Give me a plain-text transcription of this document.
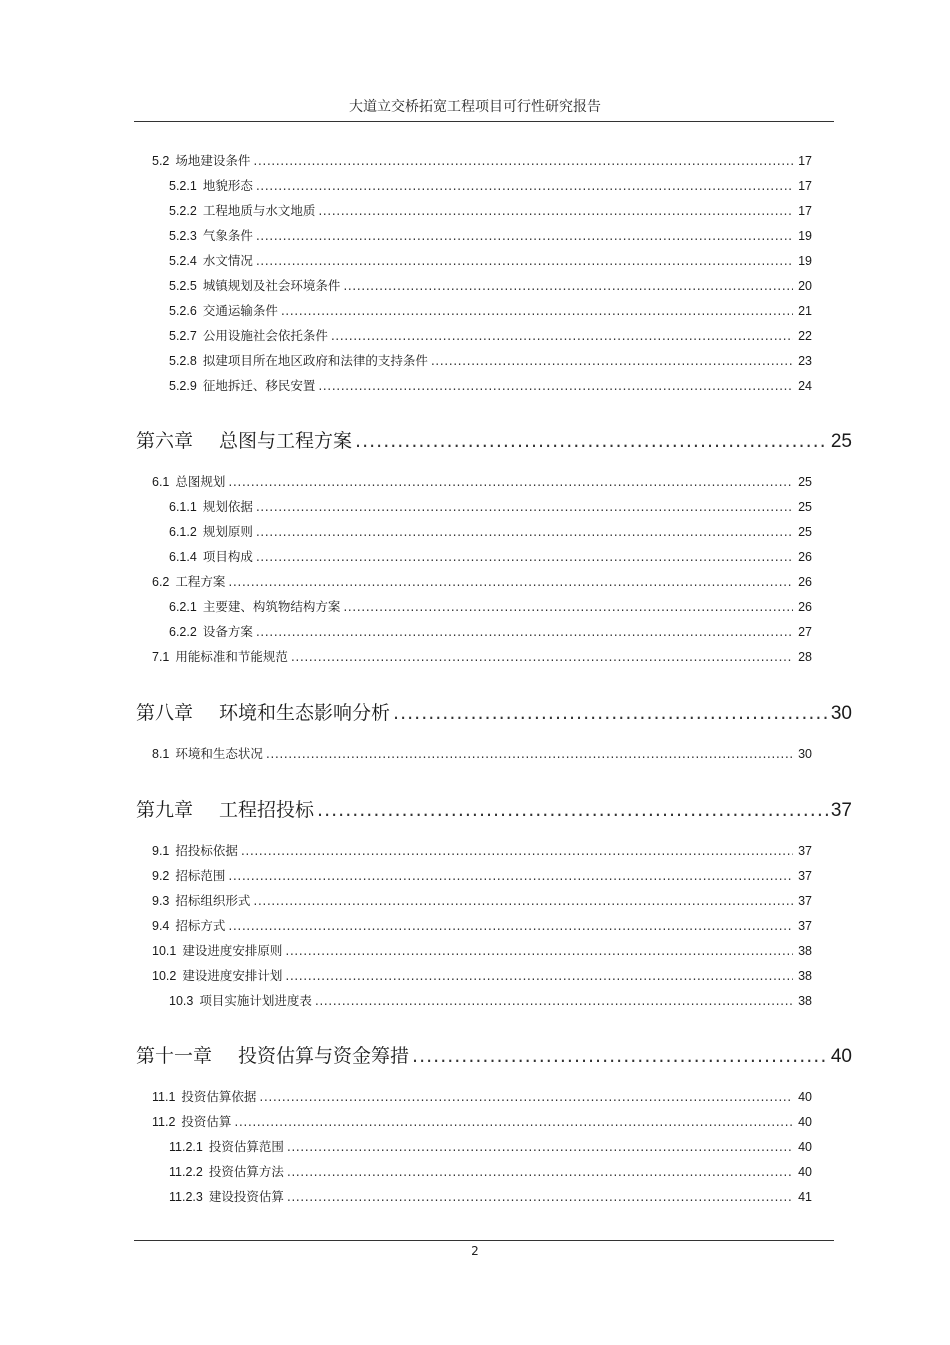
大道立交桥拓宽工程项目可行性研究报告
5.2 场地建设条件 .....	17
5.2.1 地貌形态 .....	17
5.2.2 工程地质与水文地质 .....	17
5.2.3 气象条件 .....	19
5.2.4 水文情况 .....	19
5.2.5 城镇规划及社会环境条件 .....	20
5.2.6 交通运输条件 .....	21
5.2.7 公用设施社会依托条件 .....	22
5.2.8 拟建项目所在地区政府和法律的支持条件 .....	23
5.2.9 征地拆迁、移民安置 .....	24
第六章 总图与工程方案 .....	25
6.1 总图规划 .....	25
6.1.1 规划依据 .....	25
6.1.2 规划原则 .....	25
6.1.4 项目构成 .....	26
6.2 工程方案 .....	26
6.2.1 主要建、构筑物结构方案 .....	26
6.2.2 设备方案 .....	27
7.1 用能标准和节能规范 .....	28
第八章 环境和生态影响分析 .....	30
8.1 环境和生态状况 .....	30
第九章 工程招投标 .....	37
9.1 招投标依据 .....	37
9.2 招标范围 .....	37
9.3 招标组织形式 .....	37
9.4 招标方式 .....	37
10.1 建设进度安排原则 .....	38
10.2 建设进度安排计划 .....	38
10.3 项目实施计划进度表 .....	38
第十一章 投资估算与资金筹措 .....	40
11.1 投资估算依据 .....	40
11.2 投资估算 .....	40
11.2.1 投资估算范围 .....	40
11.2.2 投资估算方法 .....	40
11.2.3 建设投资估算 .....	41
2
